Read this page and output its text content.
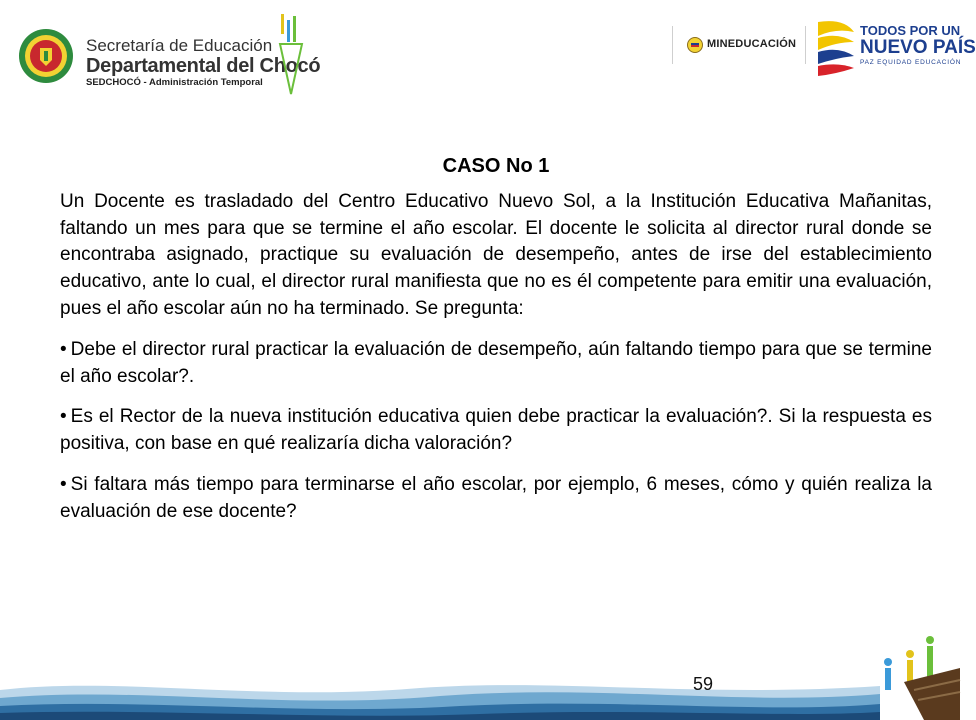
Secretaría de Educación
Departamental del Chocó
SEDCHOCÓ - Administración Temporal
MINEDUCACIÓN
TODOS POR UN
NUEVO PAÍS
PAZ EQUIDAD EDUCACIÓN
CASO No 1
Un Docente es trasladado del Centro Educativo Nuevo Sol, a la Institución Educativa Mañanitas, faltando un mes para que se termine el año escolar. El docente le solicita al director rural donde se encontraba asignado, practique su evaluación de desempeño, antes de irse del establecimiento educativo, ante lo cual, el director rural manifiesta que no es él competente para emitir una evaluación, pues el año escolar aún no ha terminado. Se pregunta:
• Debe el director rural practicar la evaluación de desempeño, aún faltando tiempo para que se termine el año escolar?.
• Es el Rector de la nueva institución educativa quien debe practicar la evaluación?. Si la respuesta es positiva, con base en qué realizaría dicha valoración?
• Si faltara más tiempo para terminarse el año escolar, por ejemplo, 6 meses, cómo y quién realiza la evaluación de ese docente?
59
